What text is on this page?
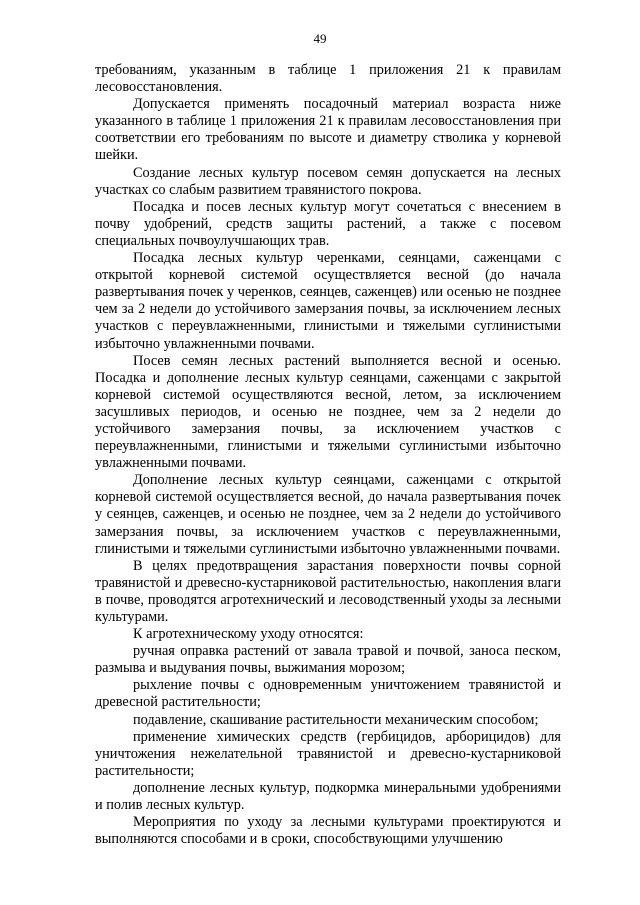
49

требованиям, указанным в таблице 1 приложения 21 к правилам лесовосстановления.

Допускается применять посадочный материал возраста ниже указанного в таблице 1 приложения 21 к правилам лесовосстановления при соответствии его требованиям по высоте и диаметру стволика у корневой шейки.

Создание лесных культур посевом семян допускается на лесных участках со слабым развитием травянистого покрова.

Посадка и посев лесных культур могут сочетаться с внесением в почву удобрений, средств защиты растений, а также с посевом специальных почвоулучшающих трав.

Посадка лесных культур черенками, сеянцами, саженцами с открытой корневой системой осуществляется весной (до начала развертывания почек у черенков, сеянцев, саженцев) или осенью не позднее чем за 2 недели до устойчивого замерзания почвы, за исключением лесных участков с переувлажненными, глинистыми и тяжелыми суглинистыми избыточно увлажненными почвами.

Посев семян лесных растений выполняется весной и осенью. Посадка и дополнение лесных культур сеянцами, саженцами с закрытой корневой системой осуществляются весной, летом, за исключением засушливых периодов, и осенью не позднее, чем за 2 недели до устойчивого замерзания почвы, за исключением участков с переувлажненными, глинистыми и тяжелыми суглинистыми избыточно увлажненными почвами.

Дополнение лесных культур сеянцами, саженцами с открытой корневой системой осуществляется весной, до начала развертывания почек у сеянцев, саженцев, и осенью не позднее, чем за 2 недели до устойчивого замерзания почвы, за исключением участков с переувлажненными, глинистыми и тяжелыми суглинистыми избыточно увлажненными почвами.

В целях предотвращения зарастания поверхности почвы сорной травянистой и древесно-кустарниковой растительностью, накопления влаги в почве, проводятся агротехнический и лесоводственный уходы за лесными культурами.

К агротехническому уходу относятся:

ручная оправка растений от завала травой и почвой, заноса песком, размыва и выдувания почвы, выжимания морозом;

рыхление почвы с одновременным уничтожением травянистой и древесной растительности;

подавление, скашивание растительности механическим способом;

применение химических средств (гербицидов, арборицидов) для уничтожения нежелательной травянистой и древесно-кустарниковой растительности;

дополнение лесных культур, подкормка минеральными удобрениями и полив лесных культур.

Мероприятия по уходу за лесными культурами проектируются и выполняются способами и в сроки, способствующими улучшению
